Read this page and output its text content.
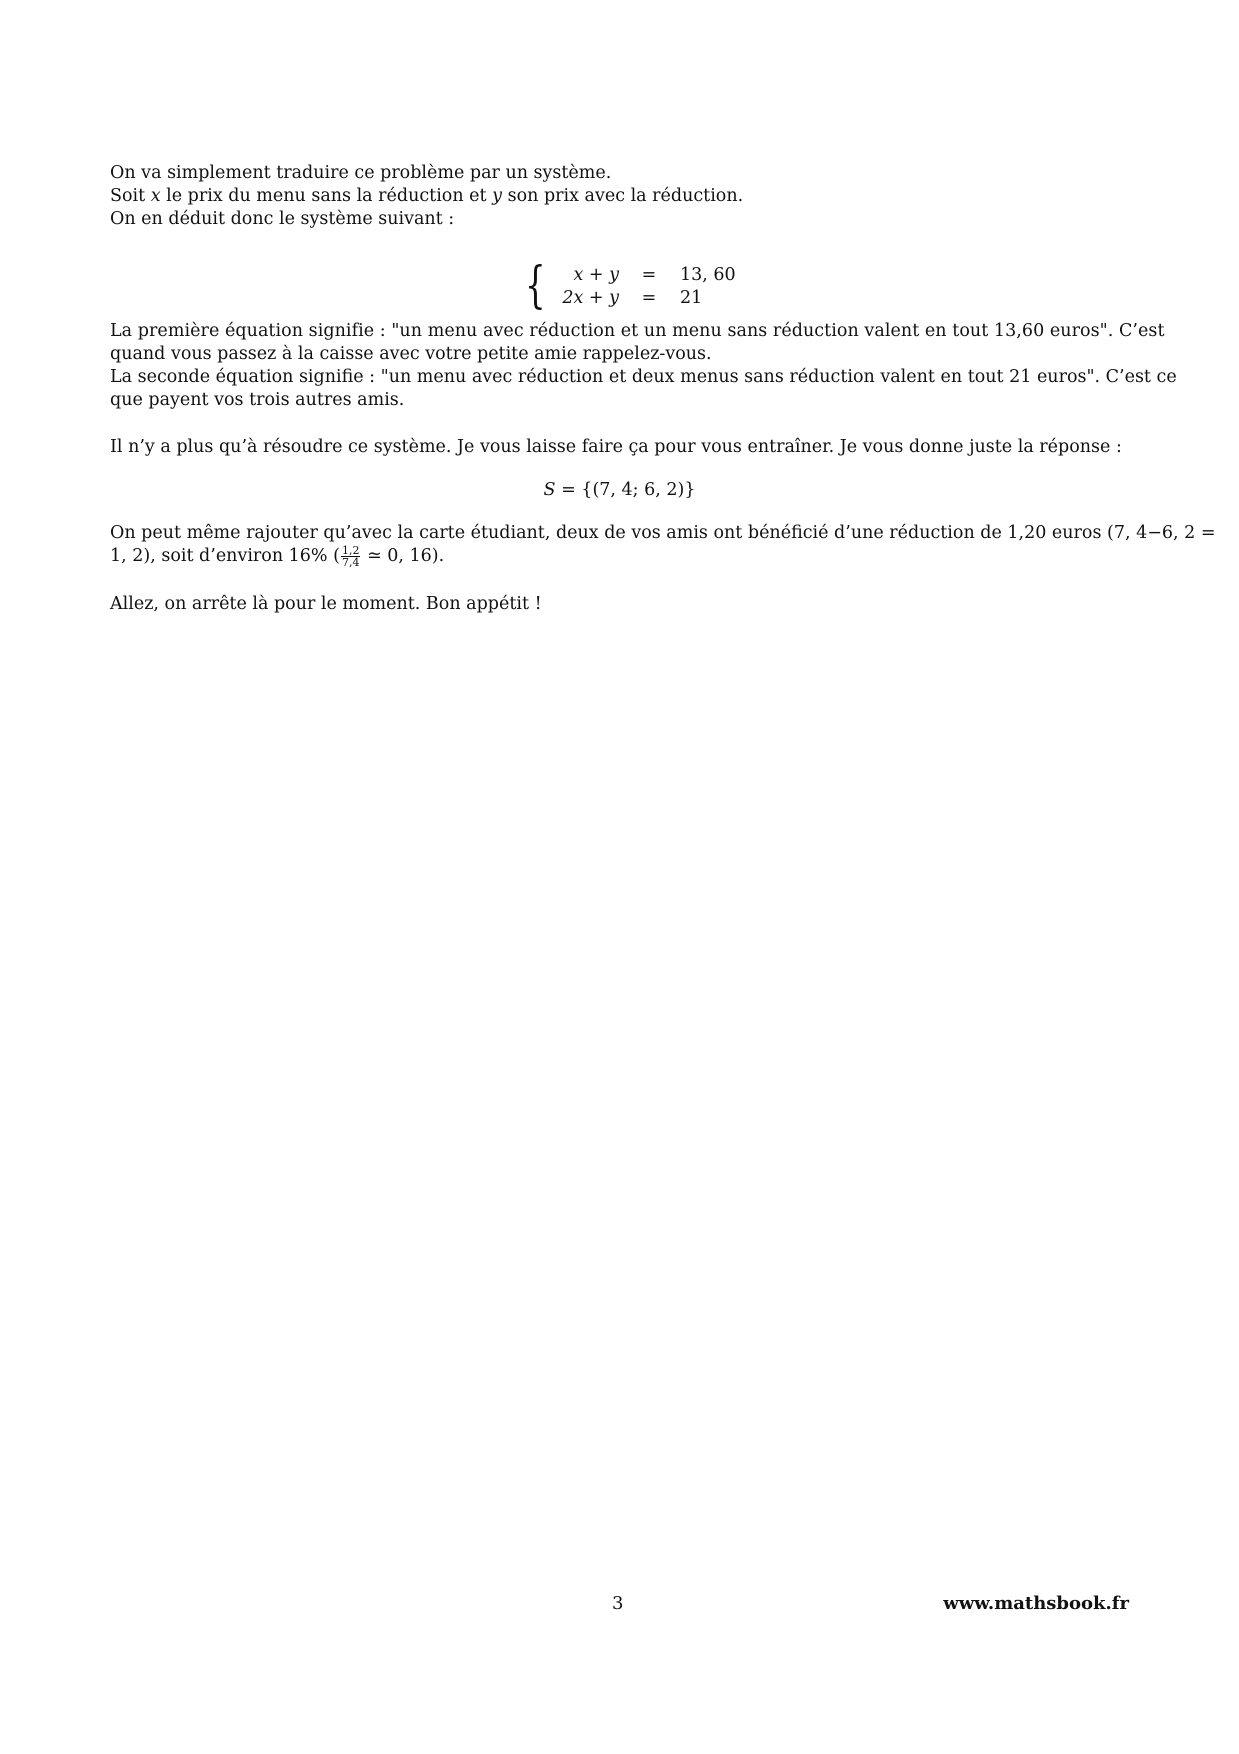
On va simplement traduire ce problème par un système.
Soit x le prix du menu sans la réduction et y son prix avec la réduction.
On en déduit donc le système suivant :
{	x + y = 13, 60
2x + y = 21
La première équation signifie : "un menu avec réduction et un menu sans réduction valent en tout 13,60 euros". C’est
quand vous passez à la caisse avec votre petite amie rappelez-vous.
La seconde équation signifie : "un menu avec réduction et deux menus sans réduction valent en tout 21 euros". C’est ce
que payent vos trois autres amis.
Il n’y a plus qu’à résoudre ce système. Je vous laisse faire ça pour vous entraîner. Je vous donne juste la réponse :
S = {(7, 4; 6, 2)}
On peut même rajouter qu’avec la carte étudiant, deux de vos amis ont bénéficié d’une réduction de 1,20 euros (7, 4−6, 2 =
1, 2), soit d’environ 16% ( $\frac{1,2}{7,4}$ ≃ 0, 16).
Allez, on arrête là pour le moment. Bon appétit !
3	www.mathsbook.fr
